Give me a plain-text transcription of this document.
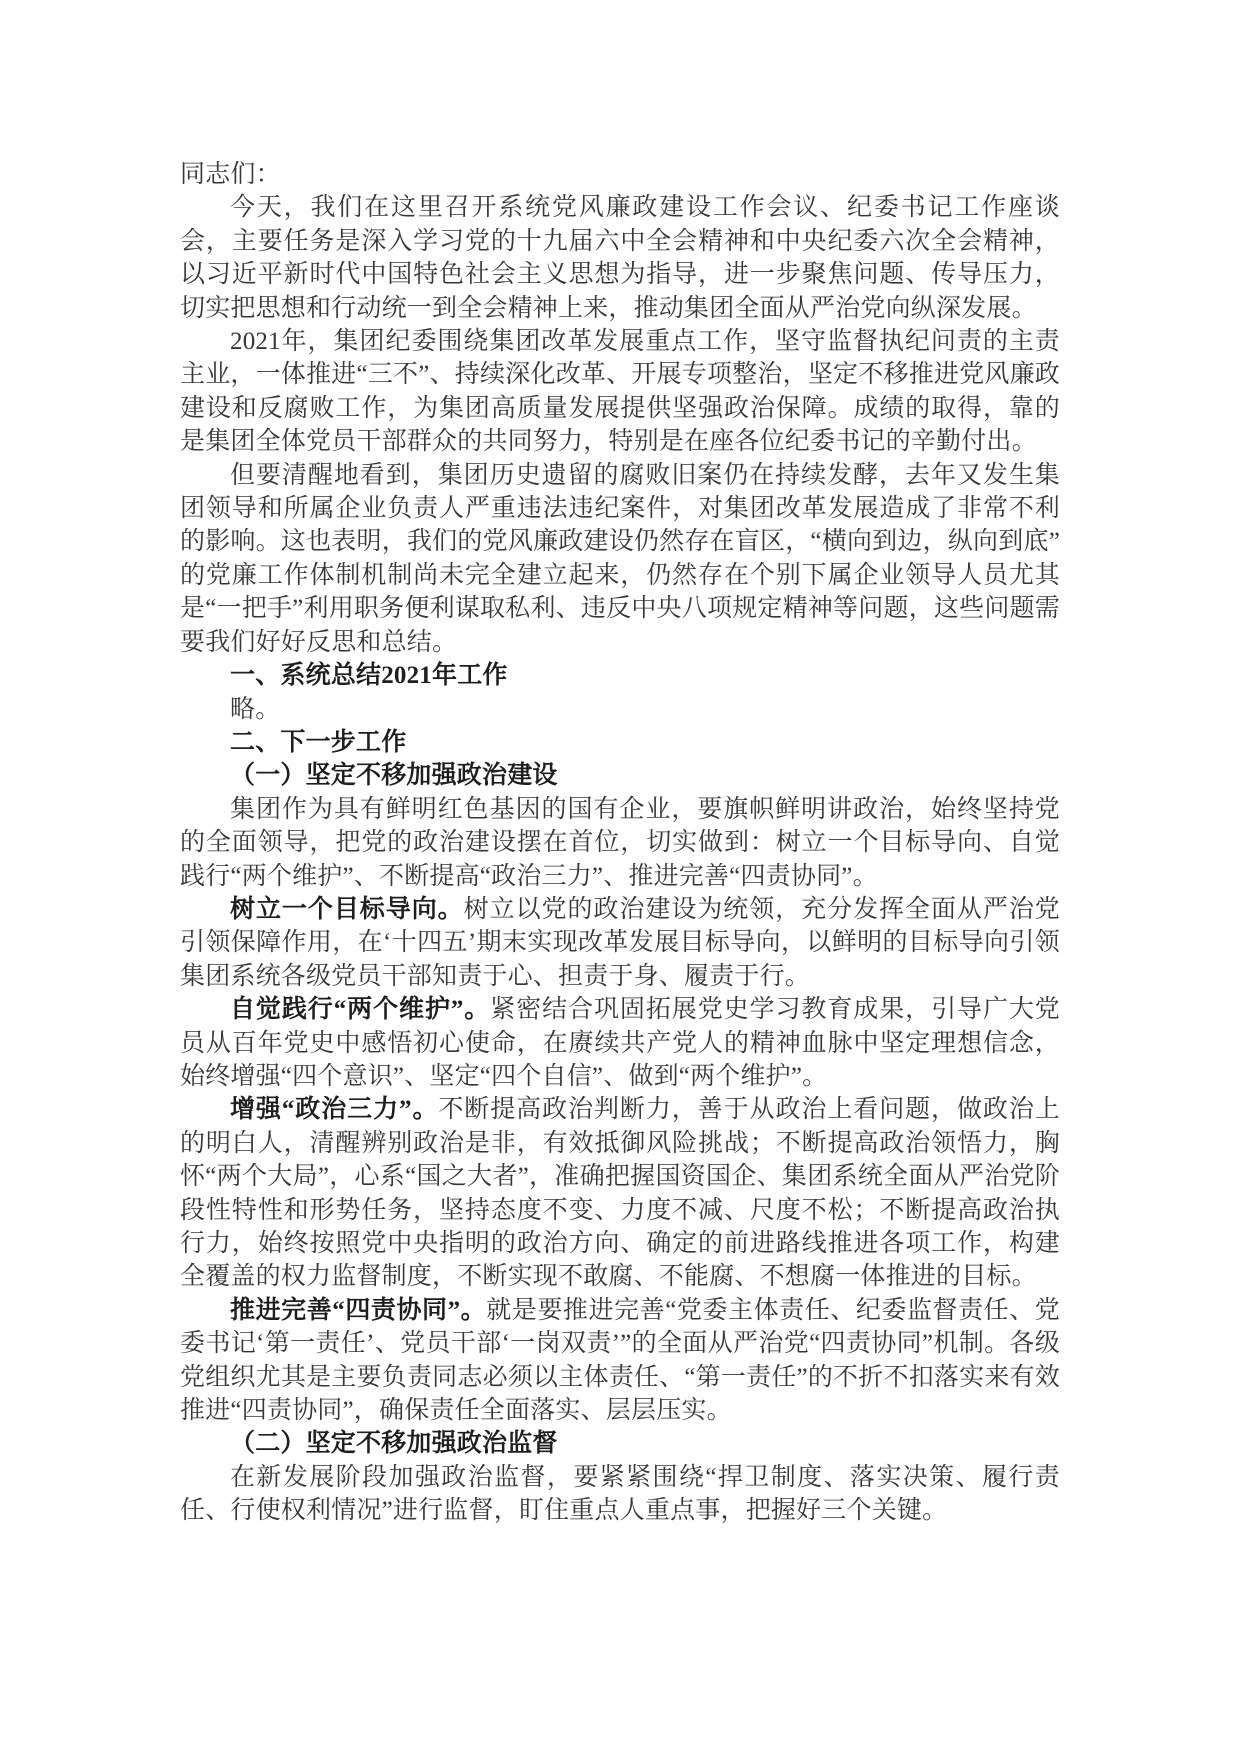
同志们：

今天，我们在这里召开系统党风廉政建设工作会议、纪委书记工作座谈会，主要任务是深入学习党的十九届六中全会精神和中央纪委六次全会精神，以习近平新时代中国特色社会主义思想为指导，进一步聚焦问题、传导压力，切实把思想和行动统一到全会精神上来，推动集团全面从严治党向纵深发展。

2021年，集团纪委围绕集团改革发展重点工作，坚守监督执纪问责的主责主业，一体推进“三不”、持续深化改革、开展专项整治，坚定不移推进党风廉政建设和反腐败工作，为集团高质量发展提供坚强政治保障。成绩的取得，靠的是集团全体党员干部群众的共同努力，特别是在座各位纪委书记的辛勤付出。

但要清醒地看到，集团历史遗留的腐败旧案仍在持续发酵，去年又发生集团领导和所属企业负责人严重违法违纪案件，对集团改革发展造成了非常不利的影响。这也表明，我们的党风廉政建设仍然存在盲区，“横向到边，纵向到底”的党廉工作体制机制尚未完全建立起来，仍然存在个别下属企业领导人员尤其是“一把手”利用职务便利谋取私利、违反中央八项规定精神等问题，这些问题需要我们好好反思和总结。

一、系统总结2021年工作

略。

二、下一步工作

（一）坚定不移加强政治建设

集团作为具有鲜明红色基因的国有企业，要旗帜鲜明讲政治，始终坚持党的全面领导，把党的政治建设摆在首位，切实做到：树立一个目标导向、自觉践行“两个维护”、不断提高“政治三力”、推进完善“四责协同”。

树立一个目标导向。树立以党的政治建设为统领，充分发挥全面从严治党引领保障作用，在‘十四五’期末实现改革发展目标导向，以鲜明的目标导向引领集团系统各级党员干部知责于心、担责于身、履责于行。

自觉践行“两个维护”。紧密结合巩固拓展党史学习教育成果，引导广大党员从百年党史中感悟初心使命，在赓续共产党人的精神血脉中坚定理想信念，始终增强“四个意识”、坚定“四个自信”、做到“两个维护”。

增强“政治三力”。不断提高政治判断力，善于从政治上看问题，做政治上的明白人，清醒辨别政治是非，有效抵御风险挑战；不断提高政治领悟力，胸怀“两个大局”，心系“国之大者”，准确把握国资国企、集团系统全面从严治党阶段性特性和形势任务，坚持态度不变、力度不减、尺度不松；不断提高政治执行力，始终按照党中央指明的政治方向、确定的前进路线推进各项工作，构建全覆盖的权力监督制度，不断实现不敢腐、不能腐、不想腐一体推进的目标。

推进完善“四责协同”。就是要推进完善“党委主体责任、纪委监督责任、党委书记‘第一责任’、党员干部‘一岗双责’”的全面从严治党“四责协同”机制。各级党组织尤其是主要负责同志必须以主体责任、“第一责任”的不折不扣落实来有效推进“四责协同”，确保责任全面落实、层层压实。

（二）坚定不移加强政治监督

在新发展阶段加强政治监督，要紧紧围绕“捍卫制度、落实决策、履行责任、行使权利情况”进行监督，盯住重点人重点事，把握好三个关键。
